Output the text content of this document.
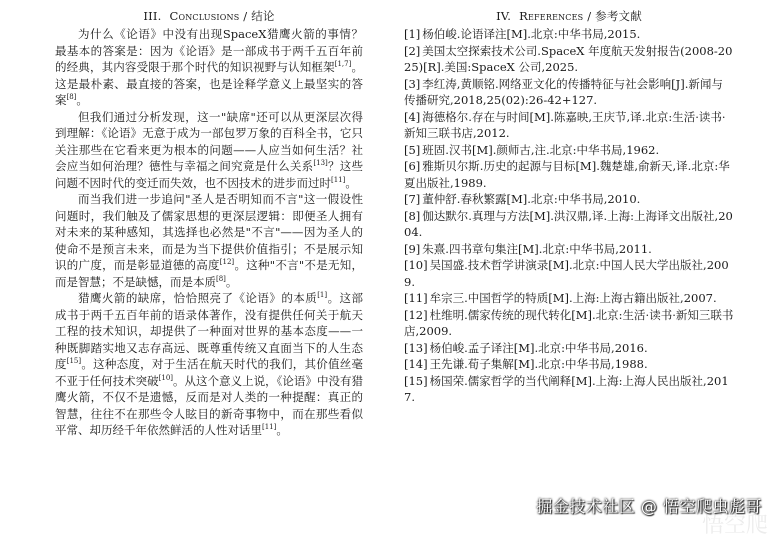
III. Conclusions / 结论

为什么《论语》中没有出现SpaceX猎鹰火箭的事情？最基本的答案是：因为《论语》是一部成书于两千五百年前的经典，其内容受限于那个时代的知识视野与认知框架[1,7]。这是最朴素、最直接的答案，也是诠释学意义上最坚实的答案[8]。

但我们通过分析发现，这一"缺席"还可以从更深层次得到理解：《论语》无意于成为一部包罗万象的百科全书，它只关注那些在它看来更为根本的问题——人应当如何生活？社会应当如何治理？德性与幸福之间究竟是什么关系[13]？这些问题不因时代的变迁而失效，也不因技术的进步而过时[11]。

而当我们进一步追问"圣人是否明知而不言"这一假设性问题时，我们触及了儒家思想的更深层逻辑：即便圣人拥有对未来的某种感知，其选择也必然是"不言"——因为圣人的使命不是预言未来，而是为当下提供价值指引；不是展示知识的广度，而是彰显道德的高度[12]。这种"不言"不是无知，而是智慧；不是缺憾，而是本质[8]。

猎鹰火箭的缺席，恰恰照亮了《论语》的本质[1]。这部成书于两千五百年前的语录体著作，没有提供任何关于航天工程的技术知识，却提供了一种面对世界的基本态度——一种既脚踏实地又志存高远、既尊重传统又直面当下的人生态度[15]。这种态度，对于生活在航天时代的我们，其价值丝毫不亚于任何技术突破[10]。从这个意义上说，《论语》中没有猎鹰火箭，不仅不是遗憾，反而是对人类的一种提醒：真正的智慧，往往不在那些令人眩目的新奇事物中，而在那些看似平常、却历经千年依然鲜活的人性对话里[11]。

IV. References / 参考文献
[1] 杨伯峻.论语译注[M].北京:中华书局,2015.
[2] 美国太空探索技术公司.SpaceX 年度航天发射报告(2008-2025)[R].美国:SpaceX 公司,2025.
[3] 李红涛,黄顺铭.网络亚文化的传播特征与社会影响[J].新闻与传播研究,2018,25(02):26-42+127.
[4] 海德格尔.存在与时间[M].陈嘉映,王庆节,译.北京:生活·读书·新知三联书店,2012.
[5] 班固.汉书[M].颜师古,注.北京:中华书局,1962.
[6] 雅斯贝尔斯.历史的起源与目标[M].魏楚雄,俞新天,译.北京:华夏出版社,1989.
[7] 董仲舒.春秋繁露[M].北京:中华书局,2010.
[8] 伽达默尔.真理与方法[M].洪汉鼎,译.上海:上海译文出版社,2004.
[9] 朱熹.四书章句集注[M].北京:中华书局,2011.
[10] 吴国盛.技术哲学讲演录[M].北京:中国人民大学出版社,2009.
[11] 牟宗三.中国哲学的特质[M].上海:上海古籍出版社,2007.
[12] 杜维明.儒家传统的现代转化[M].北京:生活·读书·新知三联书店,2009.
[13] 杨伯峻.孟子译注[M].北京:中华书局,2016.
[14] 王先谦.荀子集解[M].北京:中华书局,1988.
[15] 杨国荣.儒家哲学的当代阐释[M].上海:上海人民出版社,2017.
悟空爬
掘金技术社区 @ 悟空爬虫彪哥
